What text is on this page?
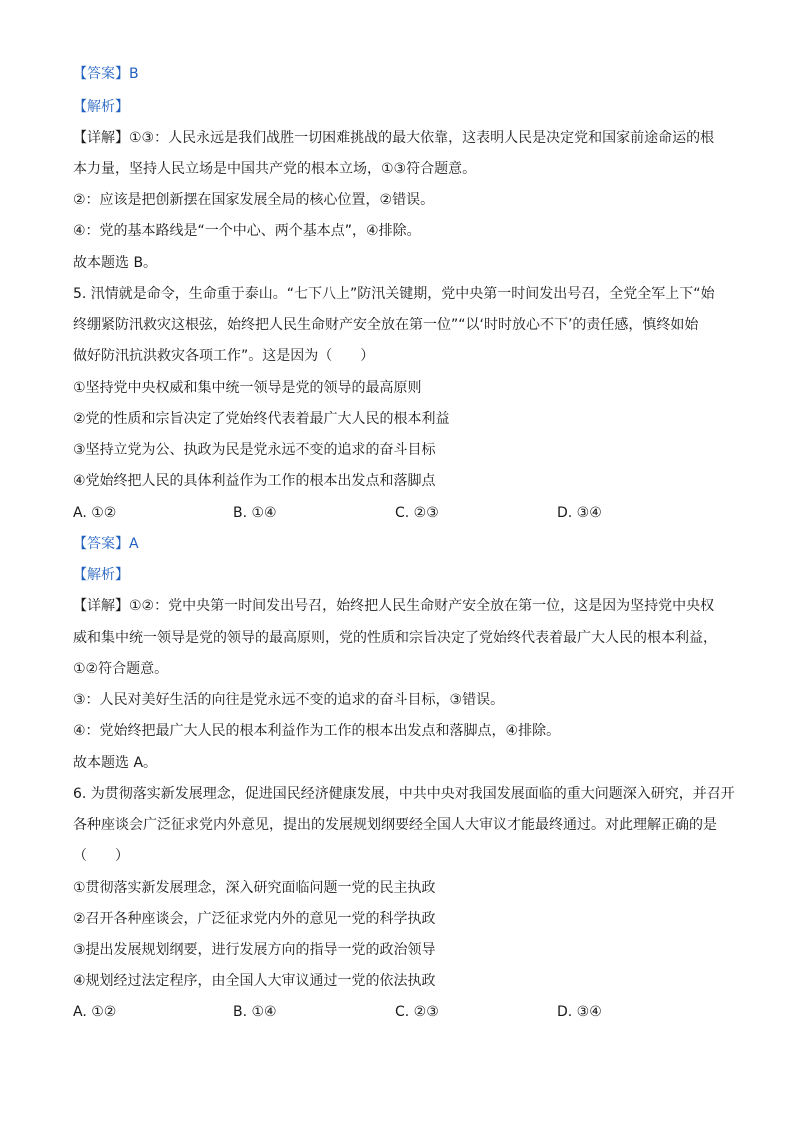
【答案】B
【解析】
【详解】①③：人民永远是我们战胜一切困难挑战的最大依靠，这表明人民是决定党和国家前途命运的根
本力量，坚持人民立场是中国共产党的根本立场，①③符合题意。
②：应该是把创新摆在国家发展全局的核心位置，②错误。
④：党的基本路线是“一个中心、两个基本点”，④排除。
故本题选 B。
5. 汛情就是命令，生命重于泰山。“七下八上”防汛关键期，党中央第一时间发出号召，全党全军上下“始
终绷紧防汛救灾这根弦，始终把人民生命财产安全放在第一位”“以‘时时放心不下’的责任感，慎终如始
做好防汛抗洪救灾各项工作”。这是因为（　　）
①坚持党中央权威和集中统一领导是党的领导的最高原则
②党的性质和宗旨决定了党始终代表着最广大人民的根本利益
③坚持立党为公、执政为民是党永远不变的追求的奋斗目标
④党始终把人民的具体利益作为工作的根本出发点和落脚点
A. ①②	B. ①④	C. ②③	D. ③④
【答案】A
【解析】
【详解】①②：党中央第一时间发出号召，始终把人民生命财产安全放在第一位，这是因为坚持党中央权
威和集中统一领导是党的领导的最高原则，党的性质和宗旨决定了党始终代表着最广大人民的根本利益，
①②符合题意。
③：人民对美好生活的向往是党永远不变的追求的奋斗目标，③错误。
④：党始终把最广大人民的根本利益作为工作的根本出发点和落脚点，④排除。
故本题选 A。
6. 为贯彻落实新发展理念，促进国民经济健康发展，中共中央对我国发展面临的重大问题深入研究，并召开
各种座谈会广泛征求党内外意见，提出的发展规划纲要经全国人大审议才能最终通过。对此理解正确的是
（　　）
①贯彻落实新发展理念，深入研究面临问题一党的民主执政
②召开各种座谈会，广泛征求党内外的意见一党的科学执政
③提出发展规划纲要，进行发展方向的指导一党的政治领导
④规划经过法定程序，由全国人大审议通过一党的依法执政
A. ①②	B. ①④	C. ②③	D. ③④
